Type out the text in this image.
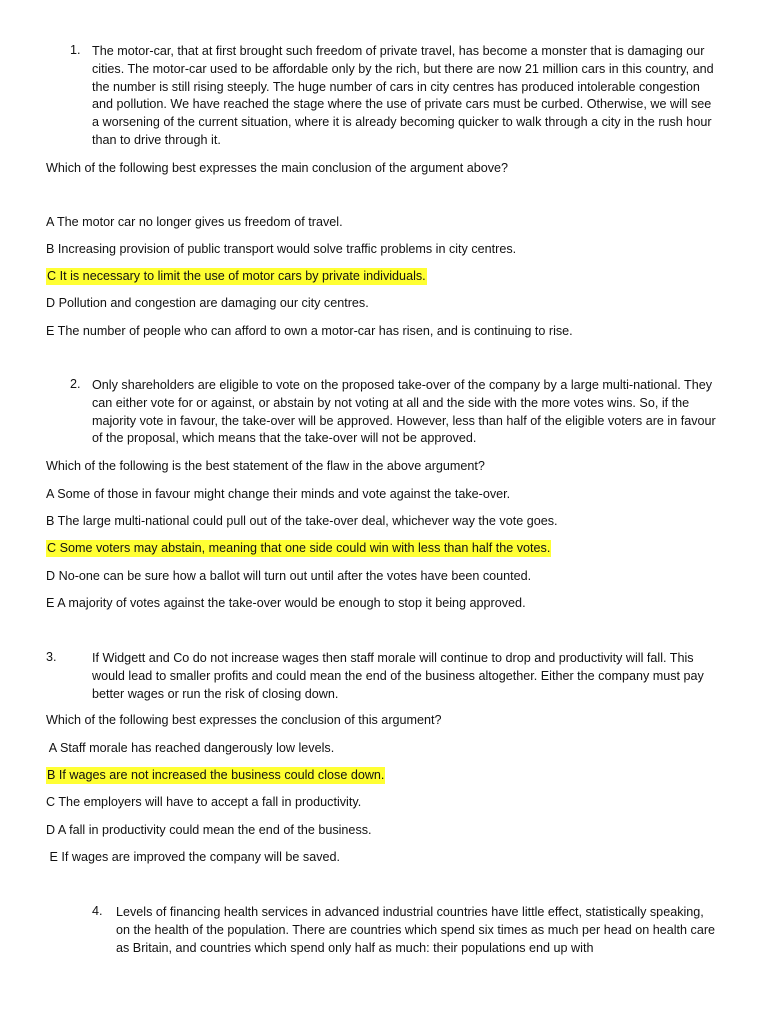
1. The motor-car, that at first brought such freedom of private travel, has become a monster that is damaging our cities. The motor-car used to be affordable only by the rich, but there are now 21 million cars in this country, and the number is still rising steeply. The huge number of cars in city centres has produced intolerable congestion and pollution. We have reached the stage where the use of private cars must be curbed. Otherwise, we will see a worsening of the current situation, where it is already becoming quicker to walk through a city in the rush hour than to drive through it.
Which of the following best expresses the main conclusion of the argument above?
A The motor car no longer gives us freedom of travel.
B Increasing provision of public transport would solve traffic problems in city centres.
C It is necessary to limit the use of motor cars by private individuals.
D Pollution and congestion are damaging our city centres.
E The number of people who can afford to own a motor-car has risen, and is continuing to rise.
2. Only shareholders are eligible to vote on the proposed take-over of the company by a large multi-national. They can either vote for or against, or abstain by not voting at all and the side with the more votes wins. So, if the majority vote in favour, the take-over will be approved. However, less than half of the eligible voters are in favour of the proposal, which means that the take-over will not be approved.
Which of the following is the best statement of the flaw in the above argument?
A Some of those in favour might change their minds and vote against the take-over.
B The large multi-national could pull out of the take-over deal, whichever way the vote goes.
C Some voters may abstain, meaning that one side could win with less than half the votes.
D No-one can be sure how a ballot will turn out until after the votes have been counted.
E A majority of votes against the take-over would be enough to stop it being approved.
3.	If Widgett and Co do not increase wages then staff morale will continue to drop and productivity will fall. This would lead to smaller profits and could mean the end of the business altogether. Either the company must pay better wages or run the risk of closing down.
Which of the following best expresses the conclusion of this argument?
A Staff morale has reached dangerously low levels.
B If wages are not increased the business could close down.
C The employers will have to accept a fall in productivity.
D A fall in productivity could mean the end of the business.
E If wages are improved the company will be saved.
4.	Levels of financing health services in advanced industrial countries have little effect, statistically speaking, on the health of the population. There are countries which spend six times as much per head on health care as Britain, and countries which spend only half as much: their populations end up with
